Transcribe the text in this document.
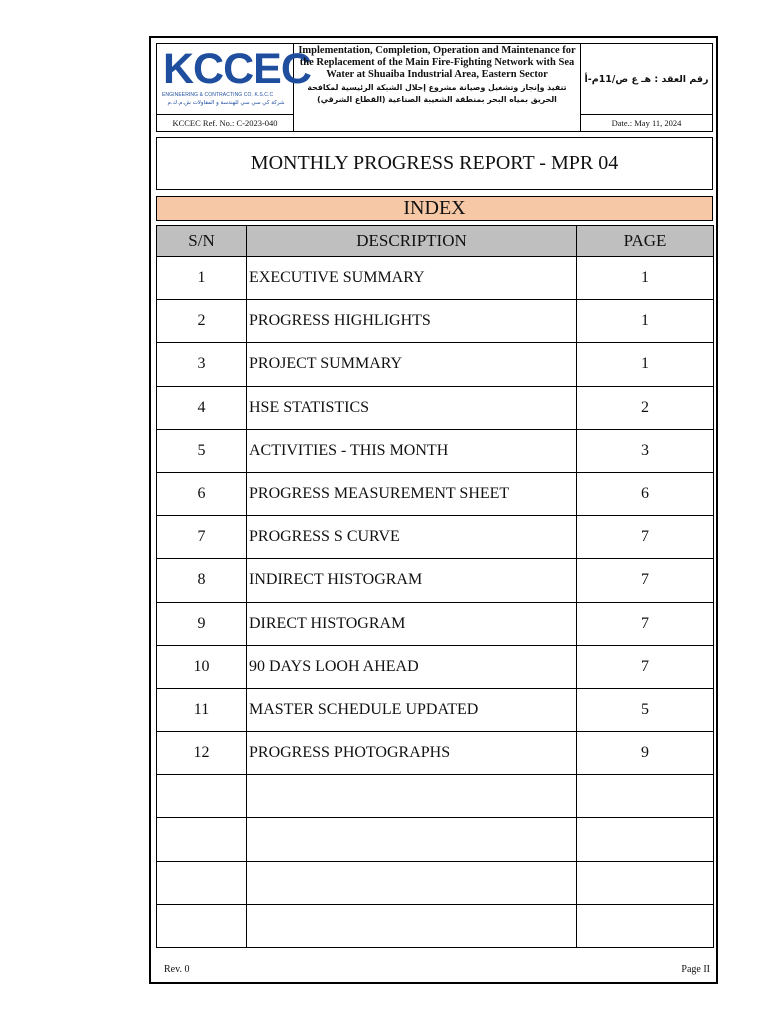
KCCEC
ENGINEERING & CONTRACTING CO. K.S.C.C
شركة كي سي سي للهندسة و المقاولات ش.م.ك.م
KCCEC Ref. No.: C-2023-040
Implementation, Completion, Operation and Maintenance for the Replacement of the Main Fire-Fighting Network with Sea Water at Shuaiba Industrial Area, Eastern Sector
تنفيذ وإنجاز وتشغيل وصيانة مشروع إحلال الشبكة الرئيسية لمكافحة
الحريق بمياه البحر بمنطقة الشعيبة الصناعية (القطاع الشرقي)
رقم العقد : هـ ع ص/11م-أ
Date.: May 11, 2024
MONTHLY PROGRESS REPORT - MPR 04
INDEX
S/N	DESCRIPTION	PAGE
1	EXECUTIVE SUMMARY	1
2	PROGRESS HIGHLIGHTS	1
3	PROJECT SUMMARY	1
4	HSE STATISTICS	2
5	ACTIVITIES - THIS MONTH	3
6	PROGRESS MEASUREMENT SHEET	6
7	PROGRESS S CURVE	7
8	INDIRECT HISTOGRAM	7
9	DIRECT HISTOGRAM	7
10	90 DAYS LOOH AHEAD	7
11	MASTER SCHEDULE UPDATED	5
12	PROGRESS PHOTOGRAPHS	9

Rev. 0	Page II
